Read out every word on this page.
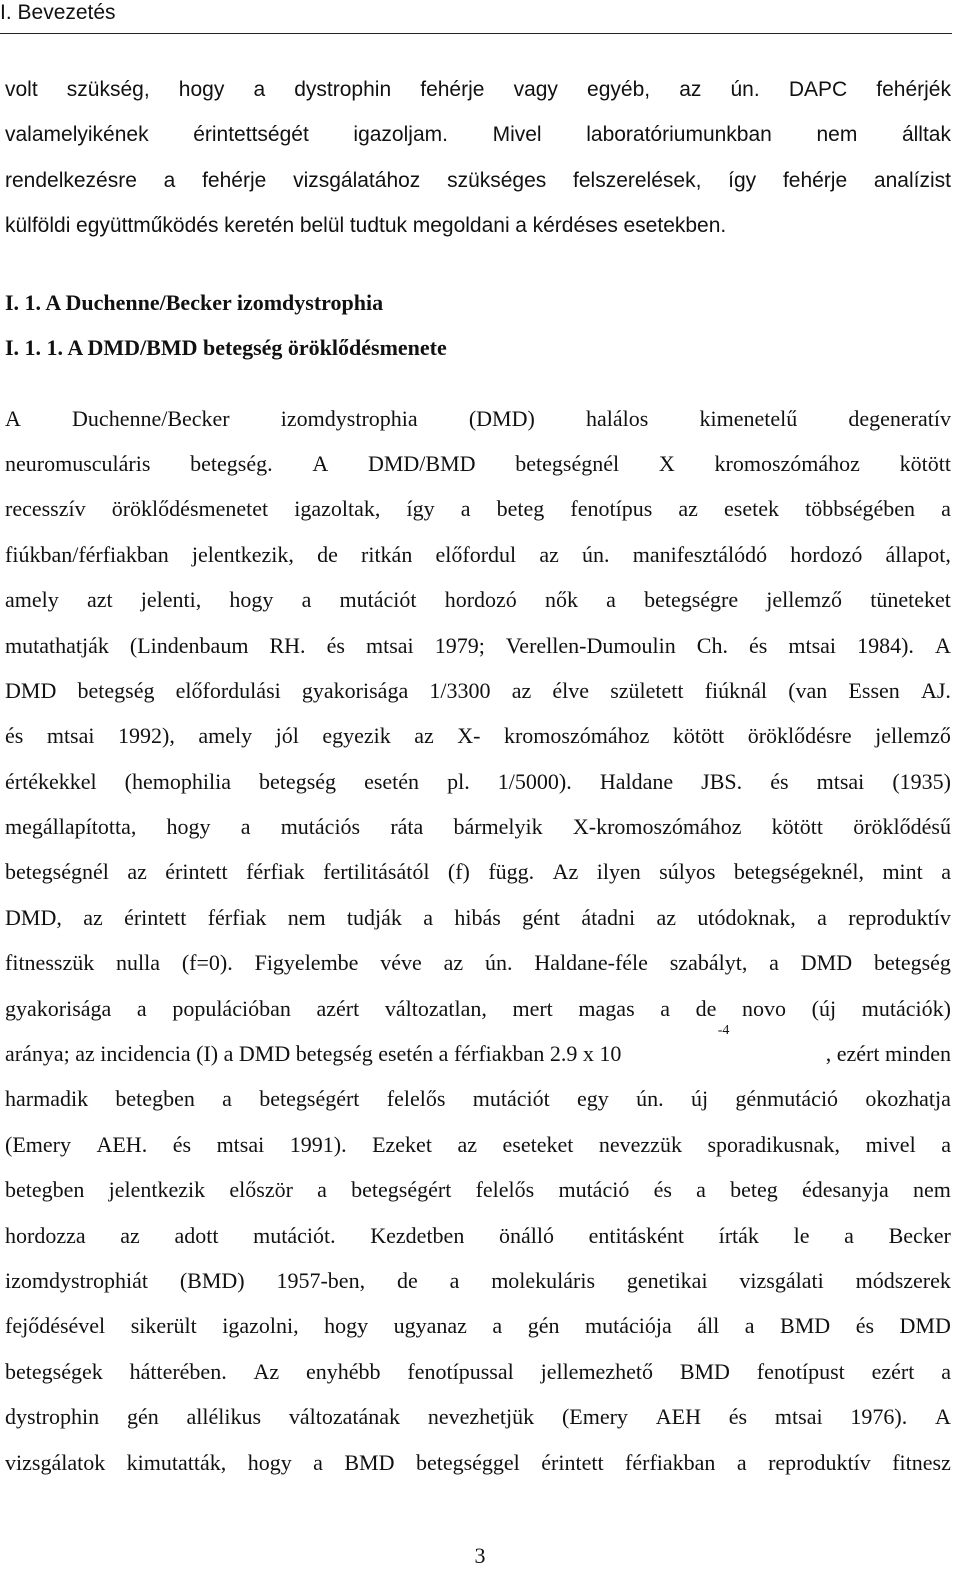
I. Bevezetés
volt szükség, hogy a dystrophin fehérje vagy egyéb, az ún. DAPC fehérjék
valamelyikének érintettségét igazoljam. Mivel laboratóriumunkban nem álltak
rendelkezésre a fehérje vizsgálatához szükséges felszerelések, így fehérje analízist
külföldi együttműködés keretén belül tudtuk megoldani a kérdéses esetekben.
I. 1. A Duchenne/Becker izomdystrophia
I. 1. 1. A DMD/BMD betegség öröklődésmenete
A Duchenne/Becker izomdystrophia (DMD) halálos kimenetelű degeneratív
neuromusculáris betegség. A DMD/BMD betegségnél X kromoszómához kötött
recesszív öröklődésmenetet igazoltak, így a beteg fenotípus az esetek többségében a
fiúkban/férfiakban jelentkezik, de ritkán előfordul az ún. manifesztálódó hordozó állapot,
amely azt jelenti, hogy a mutációt hordozó nők a betegségre jellemző tüneteket
mutathatják (Lindenbaum RH. és mtsai 1979; Verellen-Dumoulin Ch. és mtsai 1984). A
DMD betegség előfordulási gyakorisága 1/3300 az élve született fiúknál (van Essen AJ.
és mtsai 1992), amely jól egyezik az X- kromoszómához kötött öröklődésre jellemző
értékekkel (hemophilia betegség esetén pl. 1/5000). Haldane JBS. és mtsai (1935)
megállapította, hogy a mutációs ráta bármelyik X-kromoszómához kötött öröklődésű
betegségnél az érintett férfiak fertilitásától (f) függ. Az ilyen súlyos betegségeknél, mint a
DMD, az érintett férfiak nem tudják a hibás gént átadni az utódoknak, a reproduktív
fitnesszük nulla (f=0). Figyelembe véve az ún. Haldane-féle szabályt, a DMD betegség
gyakorisága a populációban azért változatlan, mert magas a de novo (új mutációk)
aránya; az incidencia (I) a DMD betegség esetén a férfiakban 2.9 x 10
-4
, ezért minden
harmadik betegben a betegségért felelős mutációt egy ún. új génmutáció okozhatja
(Emery AEH. és mtsai 1991). Ezeket az eseteket nevezzük sporadikusnak, mivel a
betegben jelentkezik először a betegségért felelős mutáció és a beteg édesanyja nem
hordozza az adott mutációt. Kezdetben önálló entitásként írták le a Becker
izomdystrophiát (BMD) 1957-ben, de a molekuláris genetikai vizsgálati módszerek
fejődésével sikerült igazolni, hogy ugyanaz a gén mutációja áll a BMD és DMD
betegségek hátterében. Az enyhébb fenotípussal jellemezhető BMD fenotípust ezért a
dystrophin gén allélikus változatának nevezhetjük (Emery AEH és mtsai 1976). A
vizsgálatok kimutatták, hogy a BMD betegséggel érintett férfiakban a reproduktív fitnesz
3
